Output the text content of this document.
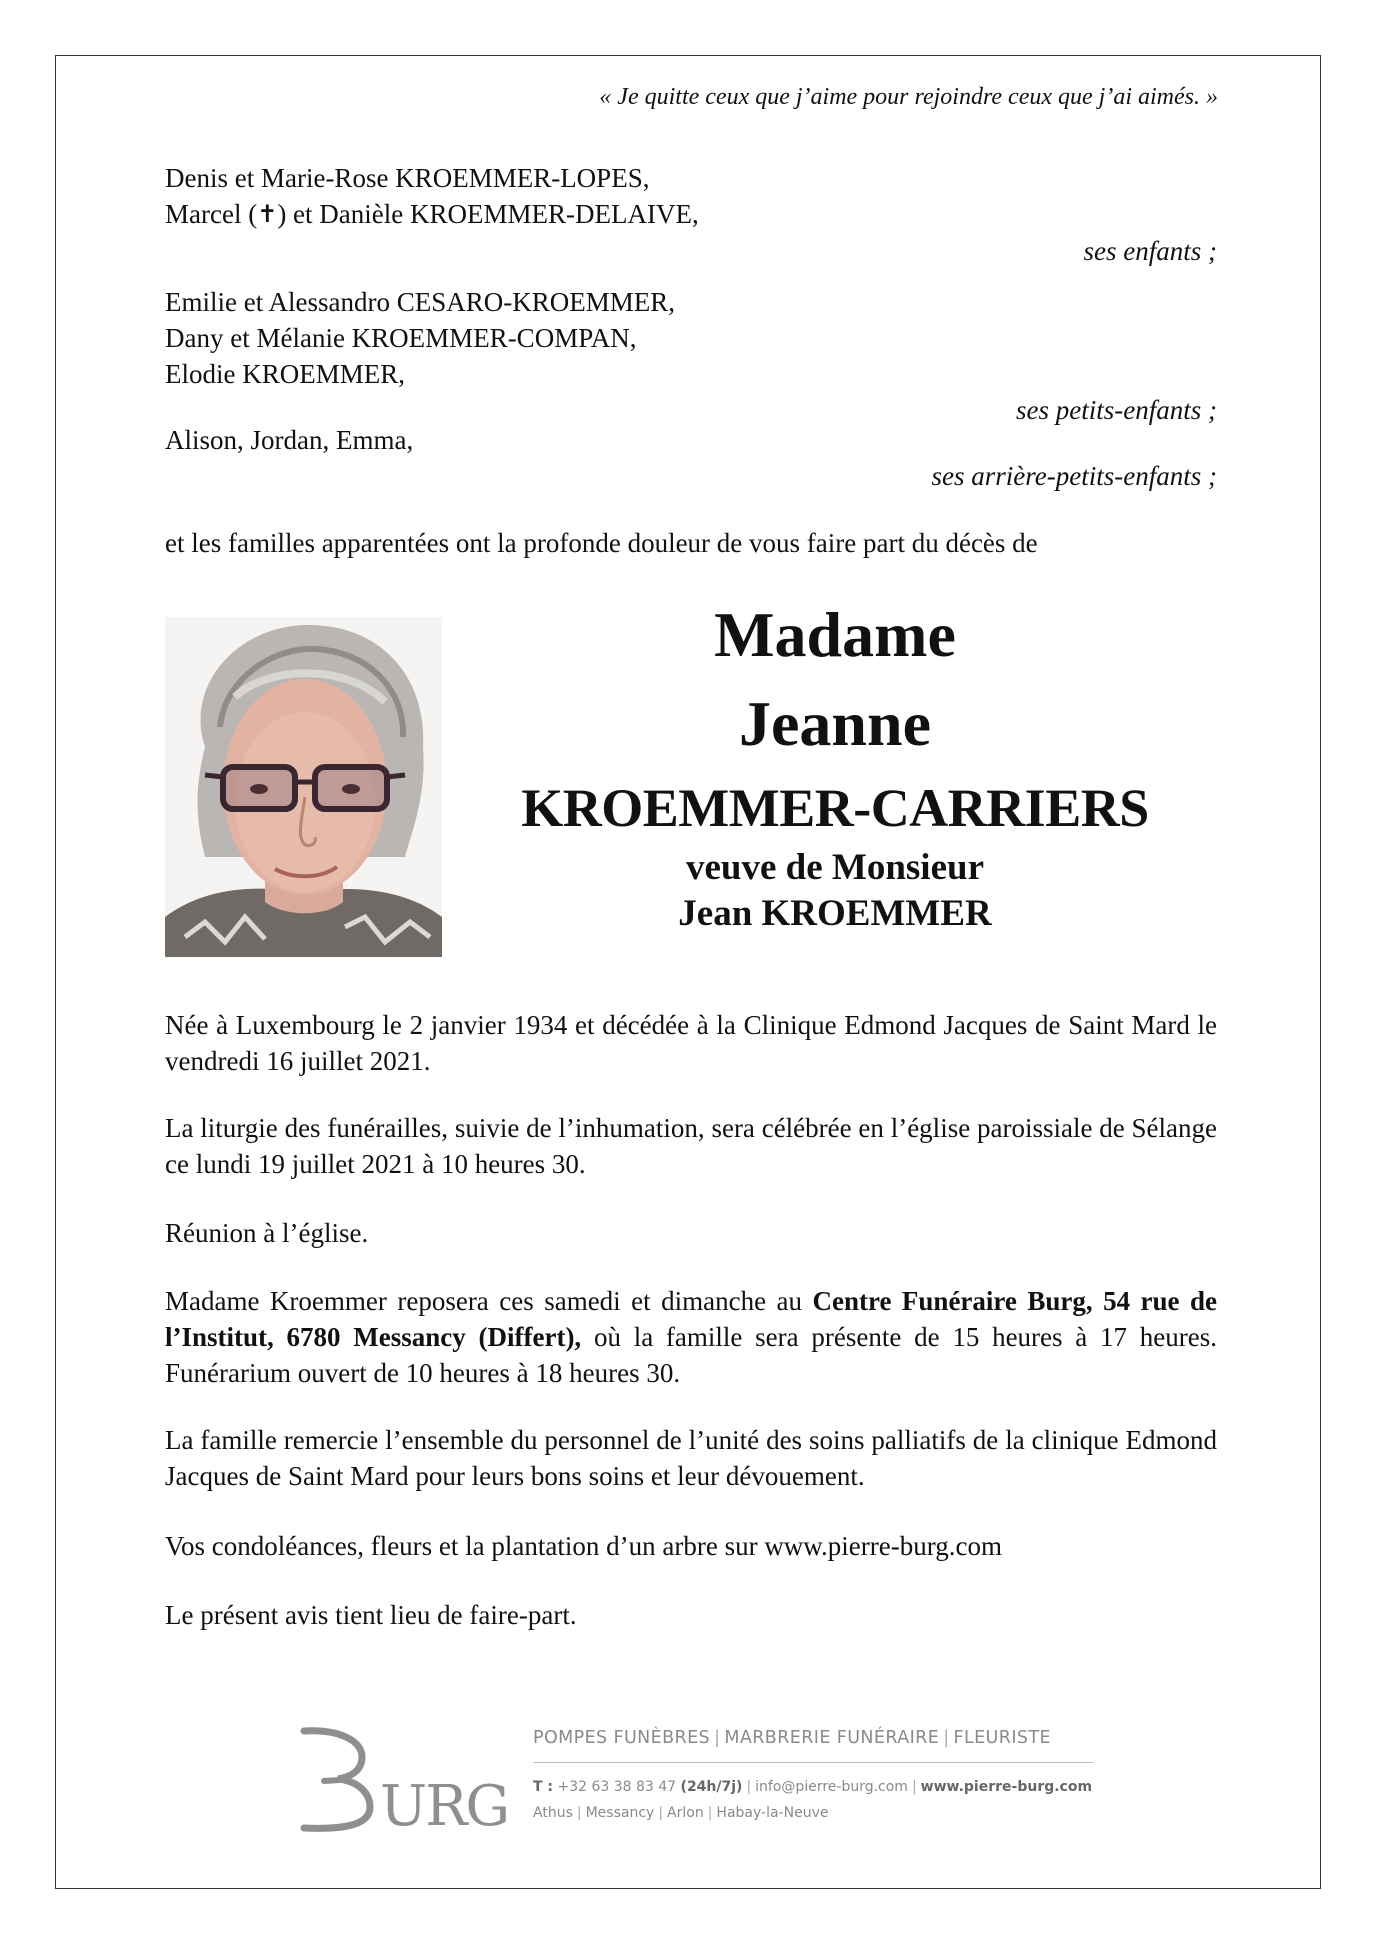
« Je quitte ceux que j’aime pour rejoindre ceux que j’ai aimés. »

Denis et Marie-Rose KROEMMER-LOPES,

Marcel (✝) et Danièle KROEMMER-DELAIVE,

ses enfants ;

Emilie et Alessandro CESARO-KROEMMER,

Dany et Mélanie KROEMMER-COMPAN,

Elodie KROEMMER,

ses petits-enfants ;

Alison, Jordan, Emma,

ses arrière-petits-enfants ;

et les familles apparentées ont la profonde douleur de vous faire part du décès de

Madame
Jeanne
KROEMMER-CARRIERS
veuve de Monsieur
Jean KROEMMER

Née à Luxembourg le 2 janvier 1934 et décédée à la Clinique Edmond Jacques de Saint Mard le vendredi 16 juillet 2021.

La liturgie des funérailles, suivie de l’inhumation, sera célébrée en l’église paroissiale de Sélange ce lundi 19 juillet 2021 à 10 heures 30.

Réunion à l’église.

Madame Kroemmer reposera ces samedi et dimanche au Centre Funéraire Burg, 54 rue de l’Institut, 6780 Messancy (Differt), où la famille sera présente de 15 heures à 17 heures. Funérarium ouvert de 10 heures à 18 heures 30.

La famille remercie l’ensemble du personnel de l’unité des soins palliatifs de la clinique Edmond Jacques de Saint Mard pour leurs bons soins et leur dévouement.

Vos condoléances, fleurs et la plantation d’un arbre sur www.pierre-burg.com

Le présent avis tient lieu de faire-part.

URG
POMPES FUNÈBRES | MARBRERIE FUNÉRAIRE | FLEURISTE
T : +32 63 38 83 47 (24h/7j) | info@pierre-burg.com | www.pierre-burg.com
Athus | Messancy | Arlon | Habay-la-Neuve
